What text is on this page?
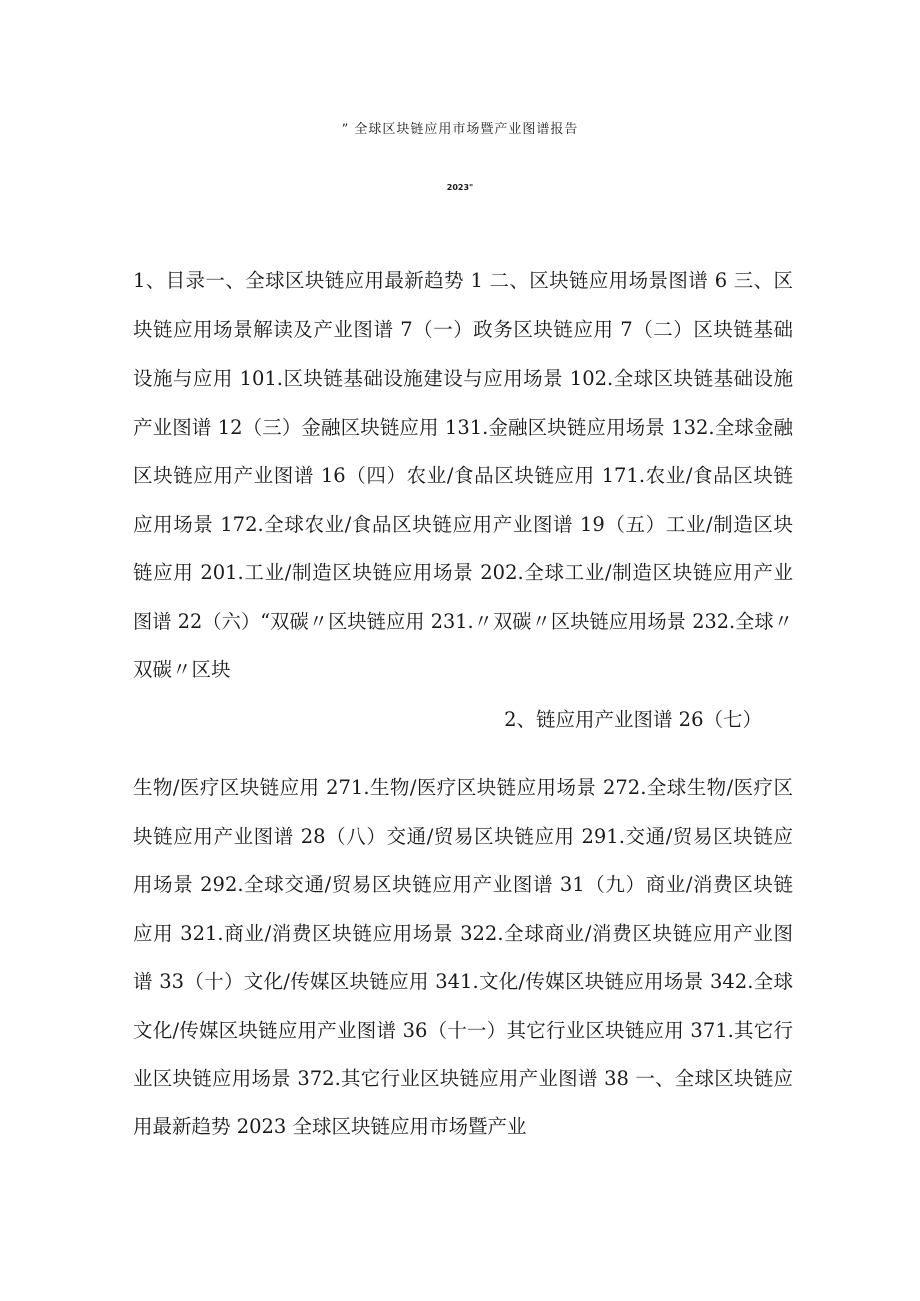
” 全球区块链应用市场暨产业图谱报告
2023"
1、目录一、全球区块链应用最新趋势 1 二、区块链应用场景图谱 6 三、区
块链应用场景解读及产业图谱 7（一）政务区块链应用 7（二）区块链基础
设施与应用 101.区块链基础设施建设与应用场景 102.全球区块链基础设施
产业图谱 12（三）金融区块链应用 131.金融区块链应用场景 132.全球金融
区块链应用产业图谱 16（四）农业/食品区块链应用 171.农业/食品区块链
应用场景 172.全球农业/食品区块链应用产业图谱 19（五）工业/制造区块
链应用 201.工业/制造区块链应用场景 202.全球工业/制造区块链应用产业
图谱 22（六）“双碳〃区块链应用 231.〃双碳〃区块链应用场景 232.全球〃
双碳〃区块
2、链应用产业图谱 26（七）
生物/医疗区块链应用 271.生物/医疗区块链应用场景 272.全球生物/医疗区
块链应用产业图谱 28（八）交通/贸易区块链应用 291.交通/贸易区块链应
用场景 292.全球交通/贸易区块链应用产业图谱 31（九）商业/消费区块链
应用 321.商业/消费区块链应用场景 322.全球商业/消费区块链应用产业图
谱 33（十）文化/传媒区块链应用 341.文化/传媒区块链应用场景 342.全球
文化/传媒区块链应用产业图谱 36（十一）其它行业区块链应用 371.其它行
业区块链应用场景 372.其它行业区块链应用产业图谱 38 一、全球区块链应
用最新趋势 2023 全球区块链应用市场暨产业
